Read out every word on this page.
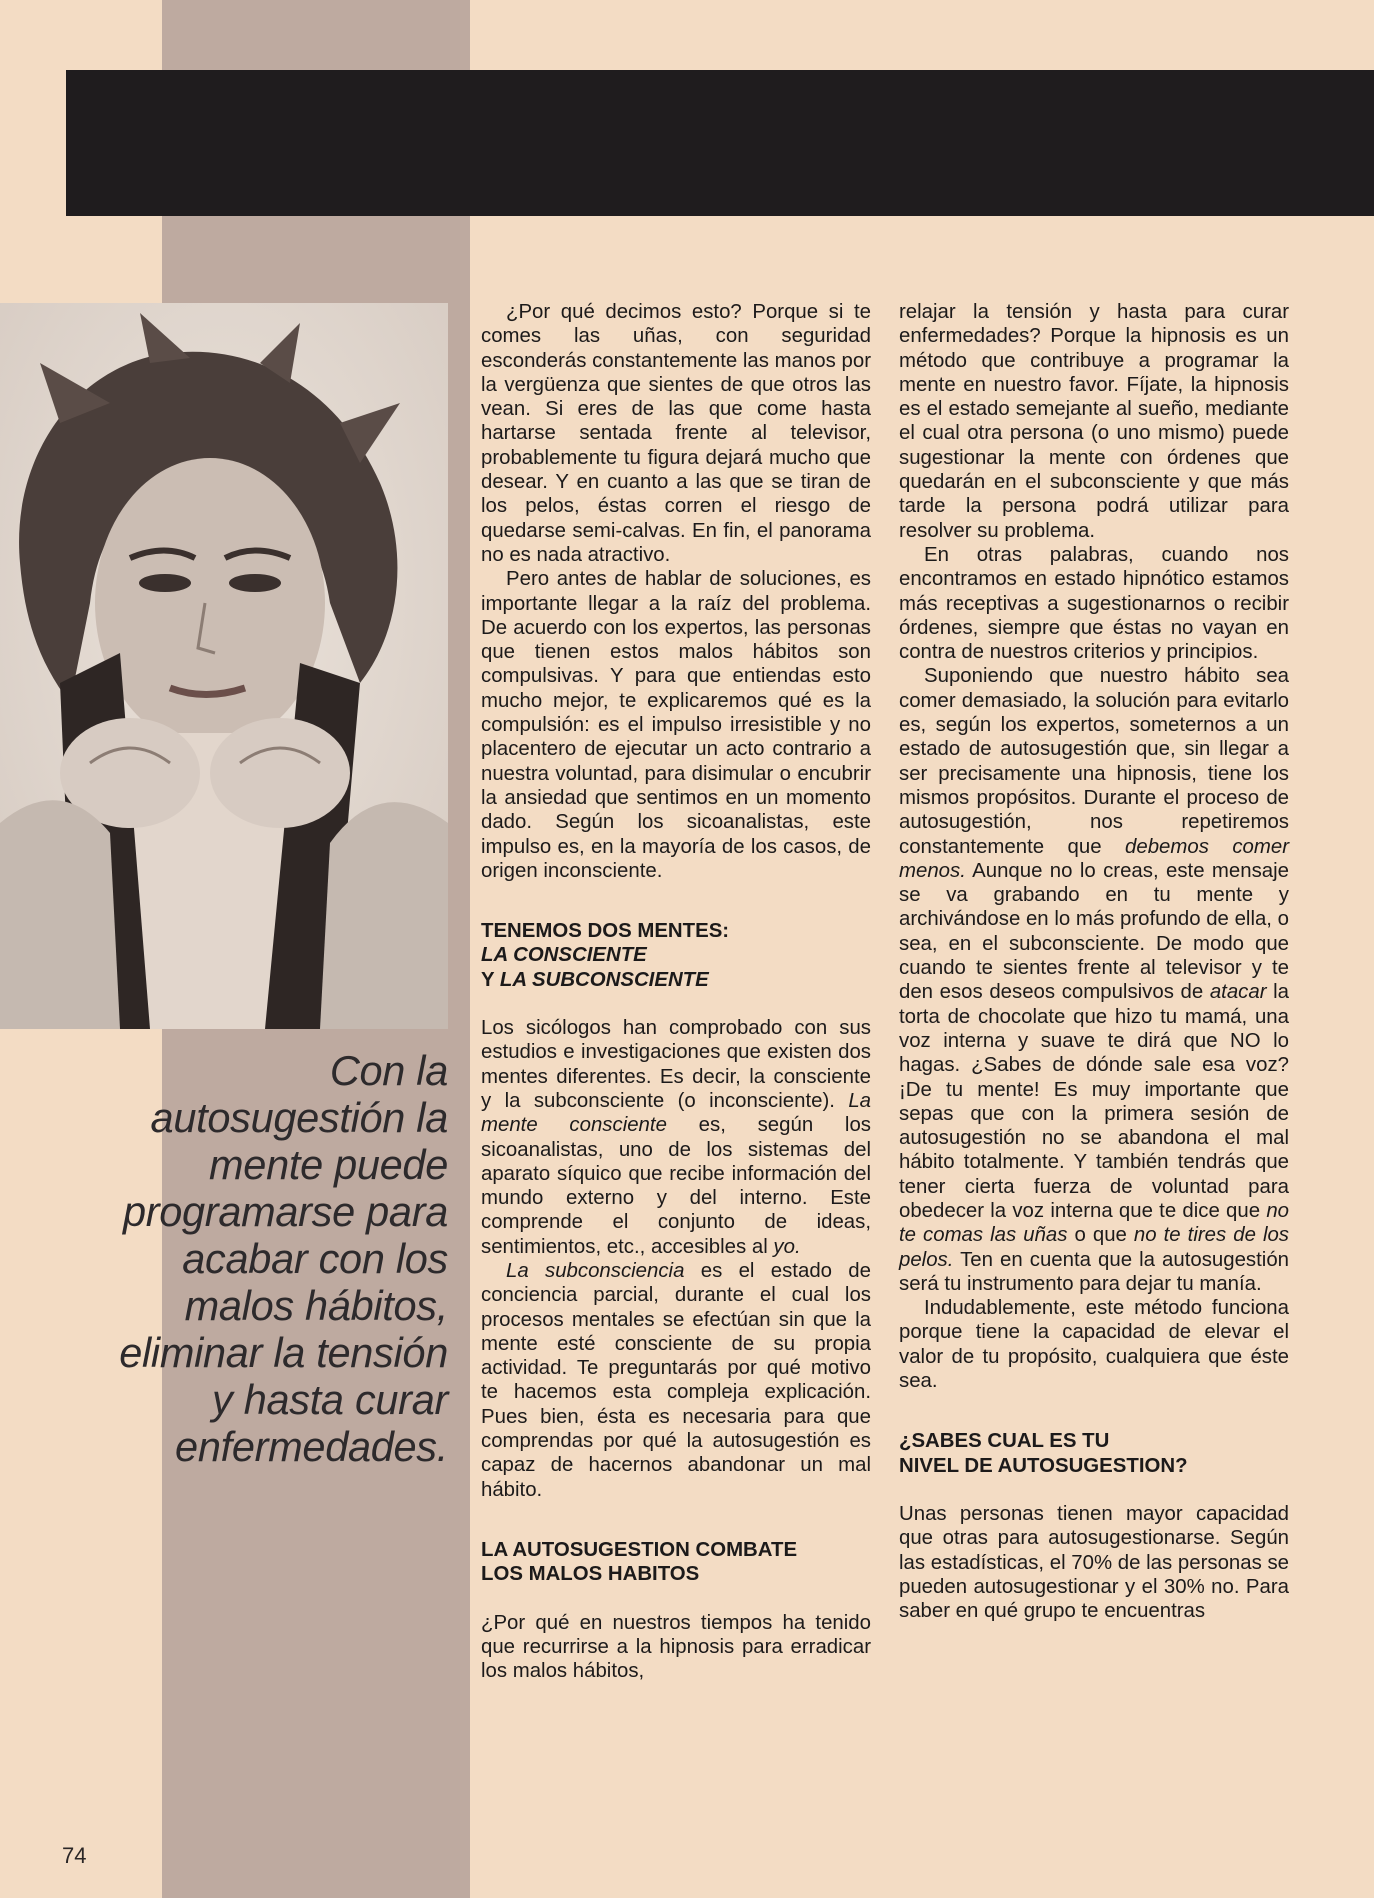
Con la
autosugestión la
mente puede
programarse para
acabar con los
malos hábitos,
eliminar la tensión
y hasta curar
enfermedades.

¿Por qué decimos esto? Porque si te comes las uñas, con seguridad esconderás constantemente las manos por la vergüenza que sientes de que otros las vean. Si eres de las que come hasta hartarse sentada frente al televisor, probablemente tu figura dejará mucho que desear. Y en cuanto a las que se tiran de los pelos, éstas corren el riesgo de quedarse semi-calvas. En fin, el panorama no es nada atractivo.

Pero antes de hablar de soluciones, es importante llegar a la raíz del problema. De acuerdo con los expertos, las personas que tienen estos malos hábitos son compulsivas. Y para que entiendas esto mucho mejor, te explicaremos qué es la compulsión: es el impulso irresistible y no placentero de ejecutar un acto contrario a nuestra voluntad, para disimular o encubrir la ansiedad que sentimos en un momento dado. Según los sicoanalistas, este impulso es, en la mayoría de los casos, de origen inconsciente.

TENEMOS DOS MENTES:
LA CONSCIENTE
Y LA SUBCONSCIENTE

Los sicólogos han comprobado con sus estudios e investigaciones que existen dos mentes diferentes. Es decir, la consciente y la subconsciente (o inconsciente). La mente consciente es, según los sicoanalistas, uno de los sistemas del aparato síquico que recibe información del mundo externo y del interno. Este comprende el conjunto de ideas, sentimientos, etc., accesibles al yo.

La subconsciencia es el estado de conciencia parcial, durante el cual los procesos mentales se efectúan sin que la mente esté consciente de su propia actividad. Te preguntarás por qué motivo te hacemos esta compleja explicación. Pues bien, ésta es necesaria para que comprendas por qué la autosugestión es capaz de hacernos abandonar un mal hábito.

LA AUTOSUGESTION COMBATE
LOS MALOS HABITOS

¿Por qué en nuestros tiempos ha tenido que recurrirse a la hipnosis para erradicar los malos hábitos,

relajar la tensión y hasta para curar enfermedades? Porque la hipnosis es un método que contribuye a programar la mente en nuestro favor. Fíjate, la hipnosis es el estado semejante al sueño, mediante el cual otra persona (o uno mismo) puede sugestionar la mente con órdenes que quedarán en el subconsciente y que más tarde la persona podrá utilizar para resolver su problema.

En otras palabras, cuando nos encontramos en estado hipnótico estamos más receptivas a sugestionarnos o recibir órdenes, siempre que éstas no vayan en contra de nuestros criterios y principios.

Suponiendo que nuestro hábito sea comer demasiado, la solución para evitarlo es, según los expertos, someternos a un estado de autosugestión que, sin llegar a ser precisamente una hipnosis, tiene los mismos propósitos. Durante el proceso de autosugestión, nos repetiremos constantemente que debemos comer menos. Aunque no lo creas, este mensaje se va grabando en tu mente y archivándose en lo más profundo de ella, o sea, en el subconsciente. De modo que cuando te sientes frente al televisor y te den esos deseos compulsivos de atacar la torta de chocolate que hizo tu mamá, una voz interna y suave te dirá que NO lo hagas. ¿Sabes de dónde sale esa voz? ¡De tu mente! Es muy importante que sepas que con la primera sesión de autosugestión no se abandona el mal hábito totalmente. Y también tendrás que tener cierta fuerza de voluntad para obedecer la voz interna que te dice que no te comas las uñas o que no te tires de los pelos. Ten en cuenta que la autosugestión será tu instrumento para dejar tu manía.

Indudablemente, este método funciona porque tiene la capacidad de elevar el valor de tu propósito, cualquiera que éste sea.

¿SABES CUAL ES TU
NIVEL DE AUTOSUGESTION?

Unas personas tienen mayor capacidad que otras para autosugestionarse. Según las estadísticas, el 70% de las personas se pueden autosugestionar y el 30% no. Para saber en qué grupo te encuentras

74
